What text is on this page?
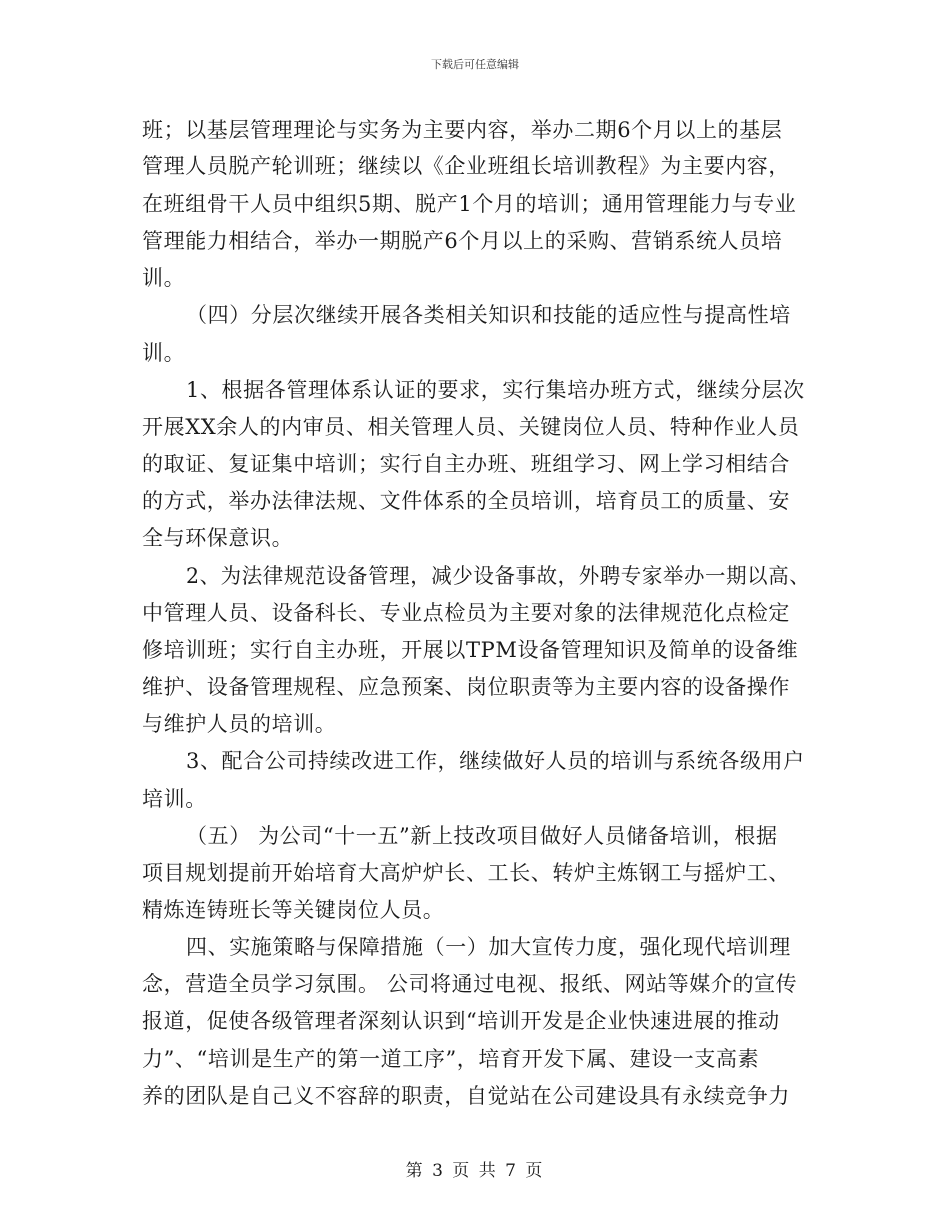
下载后可任意编辑
班；以基层管理理论与实务为主要内容，举办二期6个月以上的基层
管理人员脱产轮训班；继续以《企业班组长培训教程》为主要内容，
在班组骨干人员中组织5期、脱产1个月的培训；通用管理能力与专业
管理能力相结合，举办一期脱产6个月以上的采购、营销系统人员培
训。
（四）分层次继续开展各类相关知识和技能的适应性与提高性培
训。
1、根据各管理体系认证的要求，实行集培办班方式，继续分层次
开展XX余人的内审员、相关管理人员、关键岗位人员、特种作业人员
的取证、复证集中培训；实行自主办班、班组学习、网上学习相结合
的方式，举办法律法规、文件体系的全员培训，培育员工的质量、安
全与环保意识。
2、为法律规范设备管理，减少设备事故，外聘专家举办一期以高、
中管理人员、设备科长、专业点检员为主要对象的法律规范化点检定
修培训班；实行自主办班，开展以TPM设备管理知识及简单的设备维
维护、设备管理规程、应急预案、岗位职责等为主要内容的设备操作
与维护人员的培训。
3、配合公司持续改进工作，继续做好人员的培训与系统各级用户
培训。
（五） 为公司“十一五”新上技改项目做好人员储备培训，根据
项目规划提前开始培育大高炉炉长、工长、转炉主炼钢工与摇炉工、
精炼连铸班长等关键岗位人员。
四、实施策略与保障措施（一）加大宣传力度，强化现代培训理
念，营造全员学习氛围。 公司将通过电视、报纸、网站等媒介的宣传
报道，促使各级管理者深刻认识到“培训开发是企业快速进展的推动
力”、“培训是生产的第一道工序”，培育开发下属、建设一支高素
养的团队是自己义不容辞的职责，自觉站在公司建设具有永续竞争力
第 3 页 共 7 页
